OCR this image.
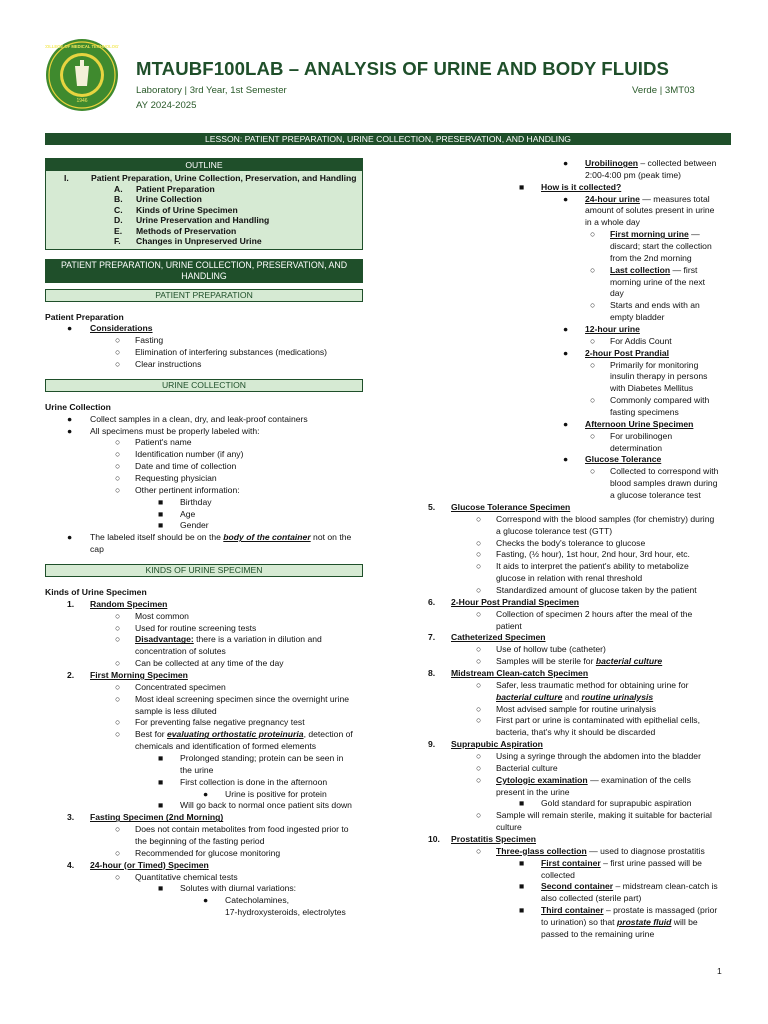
1946
COLLEGE OF MEDICAL TECHNOLOGY
MTAUBF100LAB – ANALYSIS OF URINE AND BODY FLUIDS
Laboratory | 3rd Year, 1st Semester
AY 2024-2025
Verde | 3MT03
LESSON: PATIENT PREPARATION, URINE COLLECTION, PRESERVATION, AND HANDLING
OUTLINE
I.	Patient Preparation, Urine Collection, Preservation, and Handling
A. Patient Preparation
B. Urine Collection
C. Kinds of Urine Specimen
D. Urine Preservation and Handling
E. Methods of Preservation
F. Changes in Unpreserved Urine
PATIENT PREPARATION, URINE COLLECTION, PRESERVATION, AND HANDLING
PATIENT PREPARATION
Patient Preparation
● Considerations
○ Fasting
○ Elimination of interfering substances (medications)
○ Clear instructions
URINE COLLECTION
Urine Collection
● Collect samples in a clean, dry, and leak-proof containers
● All specimens must be properly labeled with:
○ Patient's name
○ Identification number (if any)
○ Date and time of collection
○ Requesting physician
○ Other pertinent information:
■ Birthday
■ Age
■ Gender
● The labeled itself should be on the body of the container not on the cap
KINDS OF URINE SPECIMEN
Kinds of Urine Specimen
1. Random Specimen
○ Most common
○ Used for routine screening tests
○ Disadvantage: there is a variation in dilution and
concentration of solutes
○ Can be collected at any time of the day
2. First Morning Specimen
○ Concentrated specimen
○ Most ideal screening specimen since the overnight urine
sample is less diluted
○ For preventing false negative pregnancy test
○ Best for evaluating orthostatic proteinuria, detection of
chemicals and identification of formed elements
■ Prolonged standing; protein can be seen in
the urine
■ First collection is done in the afternoon
● Urine is positive for protein
■ Will go back to normal once patient sits down
3. Fasting Specimen (2nd Morning)
○ Does not contain metabolites from food ingested prior to
the beginning of the fasting period
○ Recommended for glucose monitoring
4. 24-hour (or Timed) Specimen
○ Quantitative chemical tests
■ Solutes with diurnal variations:
● Catecholamines,
17-hydroxysteroids, electrolytes
● Urobilinogen – collected between
2:00-4:00 pm (peak time)
■ How is it collected?
● 24-hour urine — measures total
amount of solutes present in urine
in a whole day
○ First morning urine —
discard; start the collection
from the 2nd morning
○ Last collection — first
morning urine of the next
day
○ Starts and ends with an
empty bladder
● 12-hour urine
○ For Addis Count
● 2-hour Post Prandial
○ Primarily for monitoring
insulin therapy in persons
with Diabetes Mellitus
○ Commonly compared with
fasting specimens
● Afternoon Urine Specimen
○ For urobilinogen
determination
● Glucose Tolerance
○ Collected to correspond with
blood samples drawn during
a glucose tolerance test
5. Glucose Tolerance Specimen
○ Correspond with the blood samples (for chemistry) during
a glucose tolerance test (GTT)
○ Checks the body's tolerance to glucose
○ Fasting, (½ hour), 1st hour, 2nd hour, 3rd hour, etc.
○ It aids to interpret the patient's ability to metabolize
glucose in relation with renal threshold
○ Standardized amount of glucose taken by the patient
6. 2-Hour Post Prandial Specimen
○ Collection of specimen 2 hours after the meal of the
patient
7. Catheterized Specimen
○ Use of hollow tube (catheter)
○ Samples will be sterile for bacterial culture
8. Midstream Clean-catch Specimen
○ Safer, less traumatic method for obtaining urine for
bacterial culture and routine urinalysis
○ Most advised sample for routine urinalysis
○ First part or urine is contaminated with epithelial cells,
bacteria, that's why it should be discarded
9. Suprapubic Aspiration
○ Using a syringe through the abdomen into the bladder
○ Bacterial culture
○ Cytologic examination — examination of the cells
present in the urine
■ Gold standard for suprapubic aspiration
○ Sample will remain sterile, making it suitable for bacterial
culture
10. Prostatitis Specimen
○ Three-glass collection — used to diagnose prostatitis
■ First container – first urine passed will be
collected
■ Second container – midstream clean-catch is
also collected (sterile part)
■ Third container – prostate is massaged (prior
to urination) so that prostate fluid will be
passed to the remaining urine
1
